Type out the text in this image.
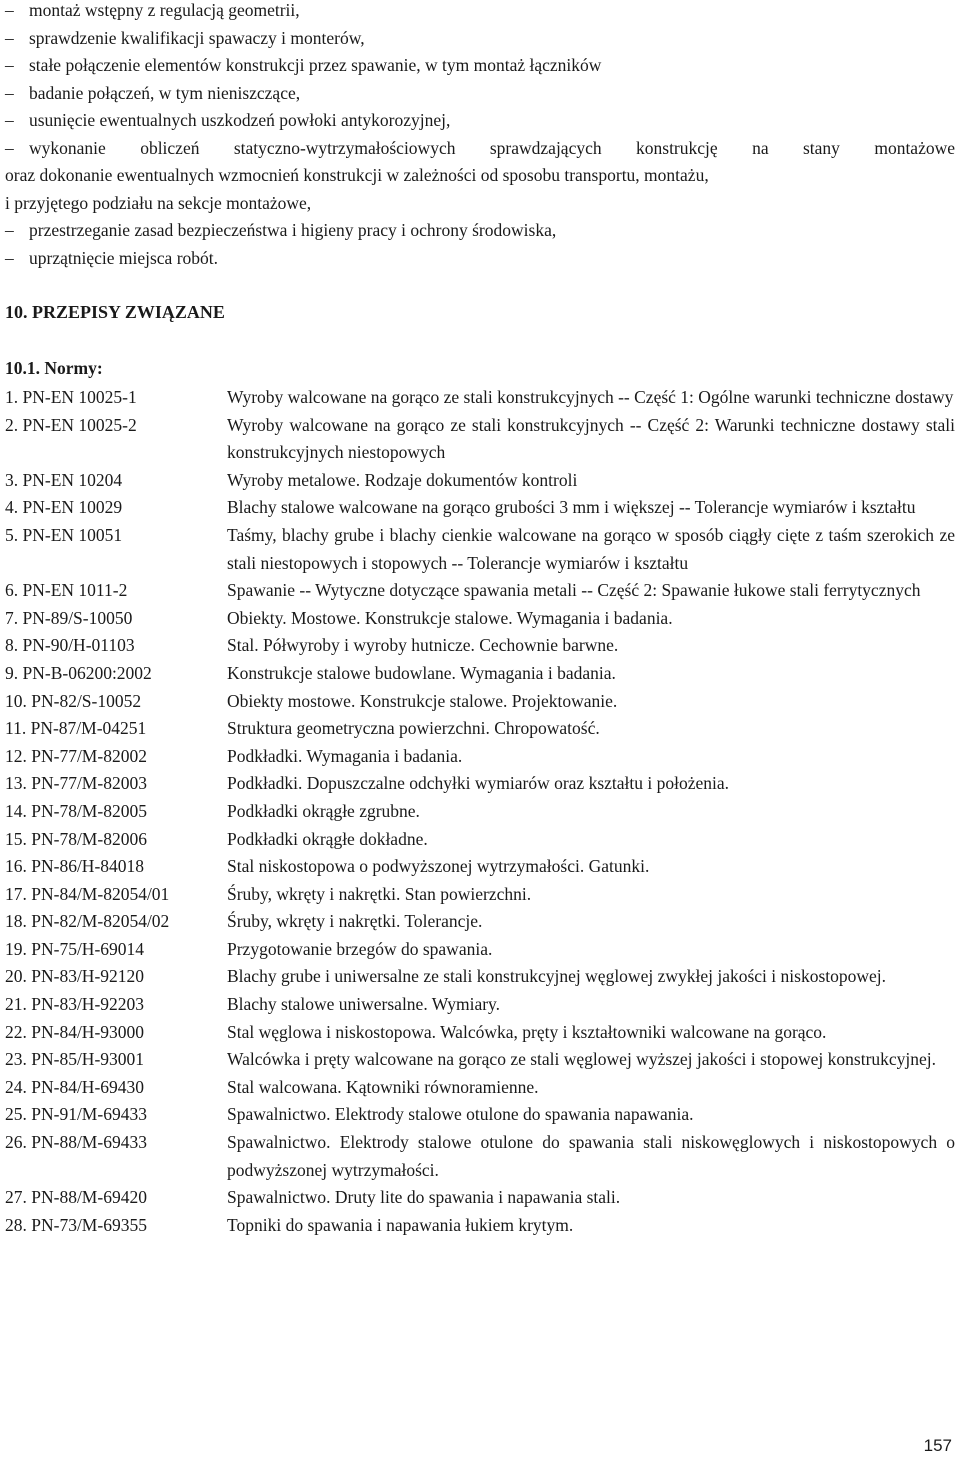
– montaż wstępny z regulacją geometrii,
– sprawdzenie kwalifikacji spawaczy i monterów,
– stałe połączenie elementów konstrukcji przez spawanie, w tym montaż łączników
– badanie połączeń, w tym nieniszczące,
– usunięcie ewentualnych uszkodzeń powłoki antykorozyjnej,
– wykonanie obliczeń statyczno-wytrzymałościowych sprawdzających konstrukcję na stany montażowe
oraz dokonanie ewentualnych wzmocnień konstrukcji w zależności od sposobu transportu, montażu,
i przyjętego podziału na sekcje montażowe,
– przestrzeganie zasad bezpieczeństwa i higieny pracy i ochrony środowiska,
– uprzątnięcie miejsca robót.
10. PRZEPISY ZWIĄZANE
10.1. Normy:
1. PN-EN 10025-1	Wyroby walcowane na gorąco ze stali konstrukcyjnych -- Część 1: Ogólne warunki techniczne dostawy
2. PN-EN 10025-2	Wyroby walcowane na gorąco ze stali konstrukcyjnych -- Część 2: Warunki techniczne dostawy stali konstrukcyjnych niestopowych
3. PN-EN 10204	Wyroby metalowe. Rodzaje dokumentów kontroli
4. PN-EN 10029	Blachy stalowe walcowane na gorąco grubości 3 mm i większej -- Tolerancje wymiarów i kształtu
5. PN-EN 10051	Taśmy, blachy grube i blachy cienkie walcowane na gorąco w sposób ciągły cięte z taśm szerokich ze stali niestopowych i stopowych -- Tolerancje wymiarów i kształtu
6. PN-EN 1011-2	Spawanie -- Wytyczne dotyczące spawania metali -- Część 2: Spawanie łukowe stali ferrytycznych
7. PN-89/S-10050	Obiekty. Mostowe. Konstrukcje stalowe. Wymagania i badania.
8. PN-90/H-01103	Stal. Półwyroby i wyroby hutnicze. Cechownie barwne.
9. PN-B-06200:2002	Konstrukcje stalowe budowlane. Wymagania i badania.
10. PN-82/S-10052	Obiekty mostowe. Konstrukcje stalowe. Projektowanie.
11. PN-87/M-04251	Struktura geometryczna powierzchni. Chropowatość.
12. PN-77/M-82002	Podkładki. Wymagania i badania.
13. PN-77/M-82003	Podkładki. Dopuszczalne odchyłki wymiarów oraz kształtu i położenia.
14. PN-78/M-82005	Podkładki okrągłe zgrubne.
15. PN-78/M-82006	Podkładki okrągłe dokładne.
16. PN-86/H-84018	Stal niskostopowa o podwyższonej wytrzymałości. Gatunki.
17. PN-84/M-82054/01	Śruby, wkręty i nakrętki. Stan powierzchni.
18. PN-82/M-82054/02	Śruby, wkręty i nakrętki. Tolerancje.
19. PN-75/H-69014	Przygotowanie brzegów do spawania.
20. PN-83/H-92120	Blachy grube i uniwersalne ze stali konstrukcyjnej węglowej zwykłej jakości i niskostopowej.
21. PN-83/H-92203	Blachy stalowe uniwersalne. Wymiary.
22. PN-84/H-93000	Stal węglowa i niskostopowa. Walcówka, pręty i kształtowniki walcowane na gorąco.
23. PN-85/H-93001	Walcówka i pręty walcowane na gorąco ze stali węglowej wyższej jakości i stopowej konstrukcyjnej.
24. PN-84/H-69430	Stal walcowana. Kątowniki równoramienne.
25. PN-91/M-69433	Spawalnictwo. Elektrody stalowe otulone do spawania napawania.
26. PN-88/M-69433	Spawalnictwo. Elektrody stalowe otulone do spawania stali niskowęglowych i niskostopowych o podwyższonej wytrzymałości.
27. PN-88/M-69420	Spawalnictwo. Druty lite do spawania i napawania stali.
28. PN-73/M-69355	Topniki do spawania i napawania łukiem krytym.
157
